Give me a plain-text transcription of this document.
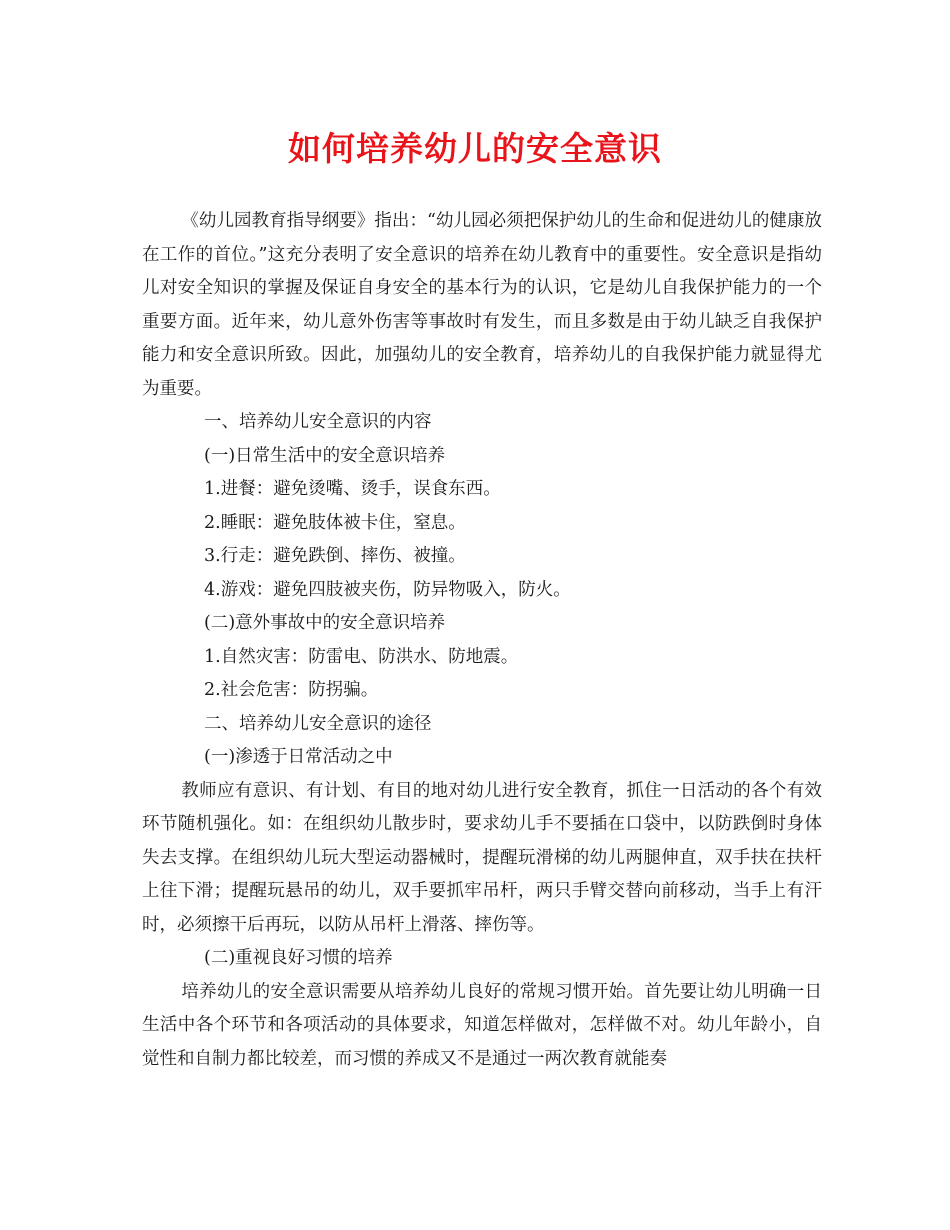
如何培养幼儿的安全意识

《幼儿园教育指导纲要》指出：“幼儿园必须把保护幼儿的生命和促进幼儿的健康放在工作的首位。”这充分表明了安全意识的培养在幼儿教育中的重要性。安全意识是指幼儿对安全知识的掌握及保证自身安全的基本行为的认识，它是幼儿自我保护能力的一个重要方面。近年来，幼儿意外伤害等事故时有发生，而且多数是由于幼儿缺乏自我保护能力和安全意识所致。因此，加强幼儿的安全教育，培养幼儿的自我保护能力就显得尤为重要。

一、培养幼儿安全意识的内容

(一)日常生活中的安全意识培养

1.进餐：避免烫嘴、烫手，误食东西。

2.睡眠：避免肢体被卡住，窒息。

3.行走：避免跌倒、摔伤、被撞。

4.游戏：避免四肢被夹伤，防异物吸入，防火。

(二)意外事故中的安全意识培养

1.自然灾害：防雷电、防洪水、防地震。

2.社会危害：防拐骗。

二、培养幼儿安全意识的途径

(一)渗透于日常活动之中

教师应有意识、有计划、有目的地对幼儿进行安全教育，抓住一日活动的各个有效环节随机强化。如：在组织幼儿散步时，要求幼儿手不要插在口袋中，以防跌倒时身体失去支撑。在组织幼儿玩大型运动器械时，提醒玩滑梯的幼儿两腿伸直，双手扶在扶杆上往下滑；提醒玩悬吊的幼儿，双手要抓牢吊杆，两只手臂交替向前移动，当手上有汗时，必须擦干后再玩，以防从吊杆上滑落、摔伤等。

(二)重视良好习惯的培养

培养幼儿的安全意识需要从培养幼儿良好的常规习惯开始。首先要让幼儿明确一日生活中各个环节和各项活动的具体要求，知道怎样做对，怎样做不对。幼儿年龄小，自觉性和自制力都比较差，而习惯的养成又不是通过一两次教育就能奏
